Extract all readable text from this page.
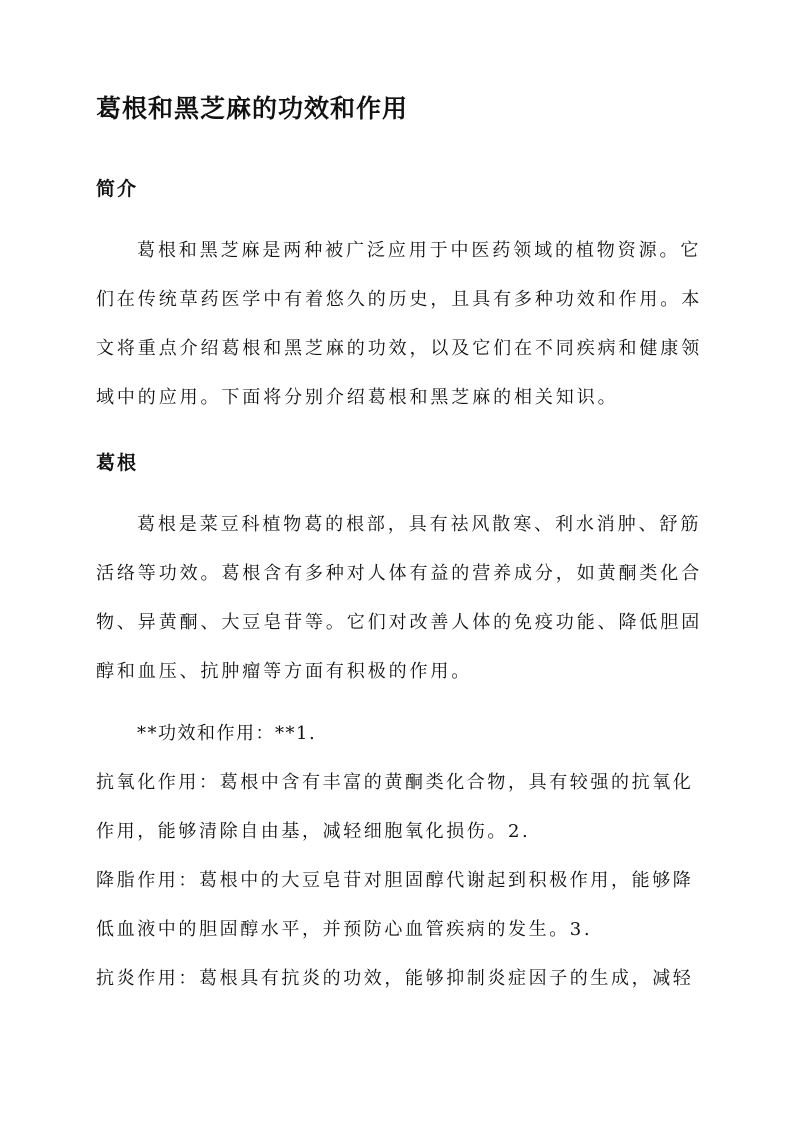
葛根和黑芝麻的功效和作用
简介
葛根和黑芝麻是两种被广泛应用于中医药领域的植物资源。它
们在传统草药医学中有着悠久的历史，且具有多种功效和作用。本
文将重点介绍葛根和黑芝麻的功效，以及它们在不同疾病和健康领
域中的应用。下面将分别介绍葛根和黑芝麻的相关知识。
葛根
葛根是菜豆科植物葛的根部，具有祛风散寒、利水消肿、舒筋
活络等功效。葛根含有多种对人体有益的营养成分，如黄酮类化合
物、异黄酮、大豆皂苷等。它们对改善人体的免疫功能、降低胆固
醇和血压、抗肿瘤等方面有积极的作用。
**功效和作用：**1.
抗氧化作用：葛根中含有丰富的黄酮类化合物，具有较强的抗氧化
作用，能够清除自由基，减轻细胞氧化损伤。2.
降脂作用：葛根中的大豆皂苷对胆固醇代谢起到积极作用，能够降
低血液中的胆固醇水平，并预防心血管疾病的发生。3.
抗炎作用：葛根具有抗炎的功效，能够抑制炎症因子的生成，减轻
